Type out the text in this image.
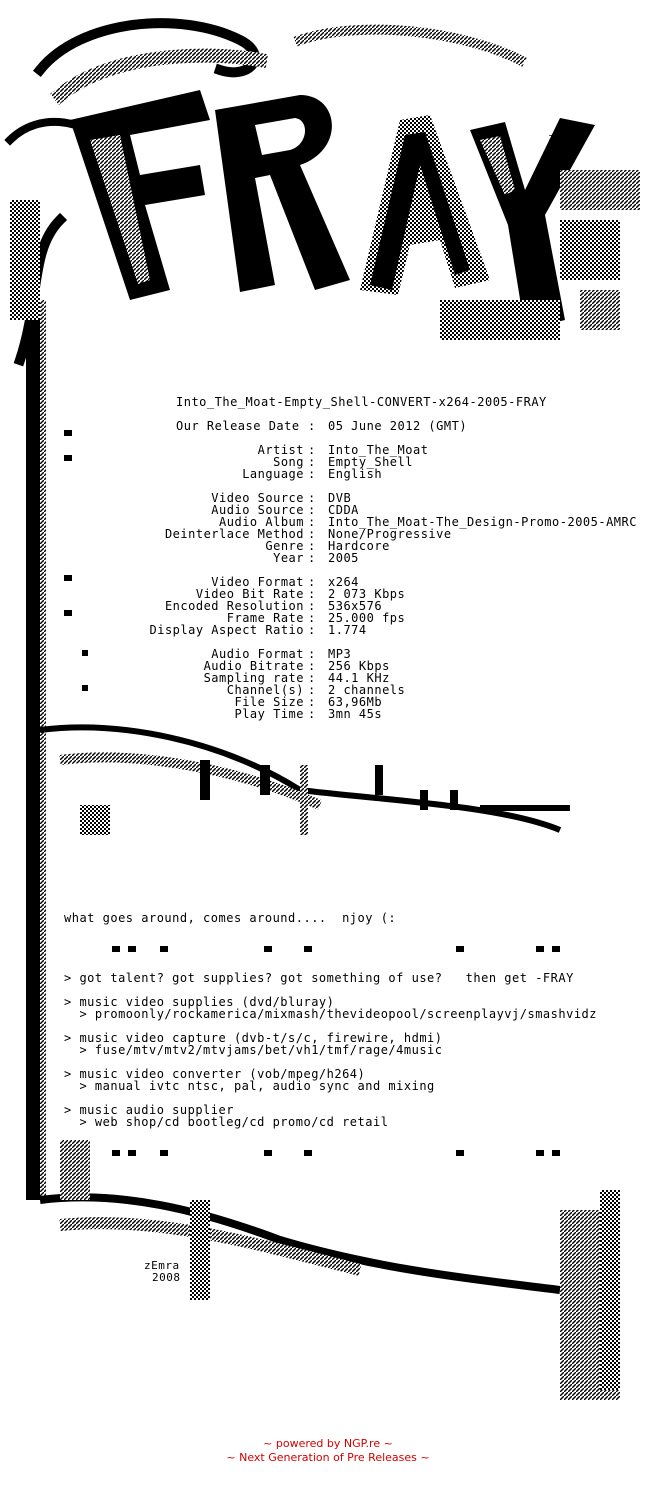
zEmra
Into_The_Moat-Empty_Shell-CONVERT-x264-2005-FRAY
Our Release Date : 05 June 2012 (GMT)
Artist : Into_The_Moat
Song : Empty_Shell
Language : English
Video Source : DVB
Audio Source : CDDA
Audio Album : Into_The_Moat-The_Design-Promo-2005-AMRC
Deinterlace Method : None/Progressive
Genre : Hardcore
Year : 2005
Video Format : x264
Video Bit Rate : 2 073 Kbps
Encoded Resolution : 536x576
Frame Rate : 25.000 fps
Display Aspect Ratio : 1.774
Audio Format : MP3
Audio Bitrate : 256 Kbps
Sampling rate : 44.1 KHz
Channel(s) : 2 channels
File Size : 63,96Mb
Play Time : 3mn 45s
what goes around, comes around....  njoy (:
> got talent? got supplies? got something of use?   then get -FRAY
> music video supplies (dvd/bluray)
> promoonly/rockamerica/mixmash/thevideopool/screenplayvj/smashvidz
> music video capture (dvb-t/s/c, firewire, hdmi)
> fuse/mtv/mtv2/mtvjams/bet/vh1/tmf/rage/4music
> music video converter (vob/mpeg/h264)
> manual ivtc ntsc, pal, audio sync and mixing
> music audio supplier
> web shop/cd bootleg/cd promo/cd retail
zEmra
2008
~ powered by NGP.re ~
~ Next Generation of Pre Releases ~
